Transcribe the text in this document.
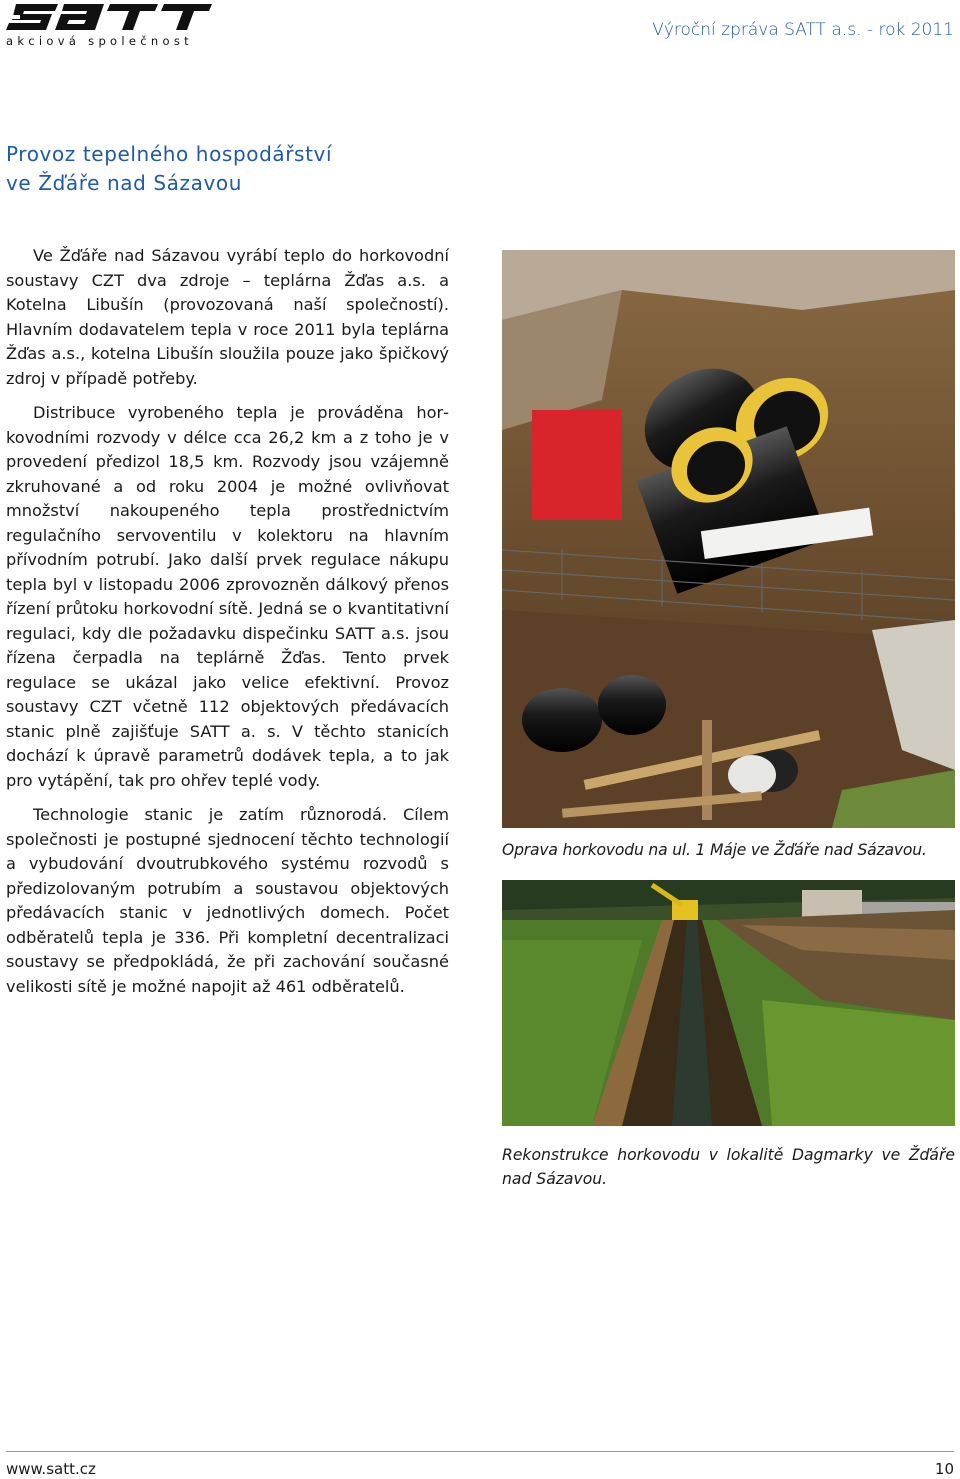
akciová společnost
Výroční zpráva SATT a.s. - rok 2011
Provoz tepelného hospodářství
ve Žďáře nad Sázavou

Ve Žďáře nad Sázavou vyrábí teplo do horkovodní soustavy CZT dva zdroje – teplárna Žďas a.s. a Kotelna Libušín (provozovaná naší společností). Hlavním dodavatelem tepla v roce 2011 byla teplárna Žďas a.s., kotelna Libušín sloužila pouze jako špičkový zdroj v případě potřeby.

Distribuce vyrobeného tepla je prováděna horkovodními rozvody v délce cca 26,2 km a z toho je v provedení předizol 18,5 km. Rozvody jsou vzájemně zkruhované a od roku 2004 je možné ovlivňovat množství nakoupeného tepla prostřednictvím regulačního servoventilu v kolektoru na hlavním přívodním potrubí. Jako další prvek regulace nákupu tepla byl v listopadu 2006 zprovozněn dálkový přenos řízení průtoku horkovodní sítě. Jedná se o kvantitativní regulaci, kdy dle požadavku dispečinku SATT a.s. jsou řízena čerpadla na teplárně Žďas. Tento prvek regulace se ukázal jako velice efektivní. Provoz soustavy CZT včetně 112 objektových předávacích stanic plně zajišťuje SATT a. s. V těchto stanicích dochází k úpravě parametrů dodávek tepla, a to jak pro vytápění, tak pro ohřev teplé vody.

Technologie stanic je zatím různorodá. Cílem společnosti je postupné sjednocení těchto technologií a vybudování dvoutrubkového systému rozvodů s předizolovaným potrubím a soustavou objektových předávacích stanic v jednotlivých domech. Počet odběratelů tepla je 336. Při kompletní decentralizaci soustavy se předpokládá, že při zachování současné velikosti sítě je možné napojit až 461 odběratelů.

Oprava horkovodu na ul. 1 Máje ve Žďáře nad Sázavou.
Rekonstrukce horkovodu v lokalitě Dagmarky ve Žďáře nad Sázavou.
www.satt.cz	10
